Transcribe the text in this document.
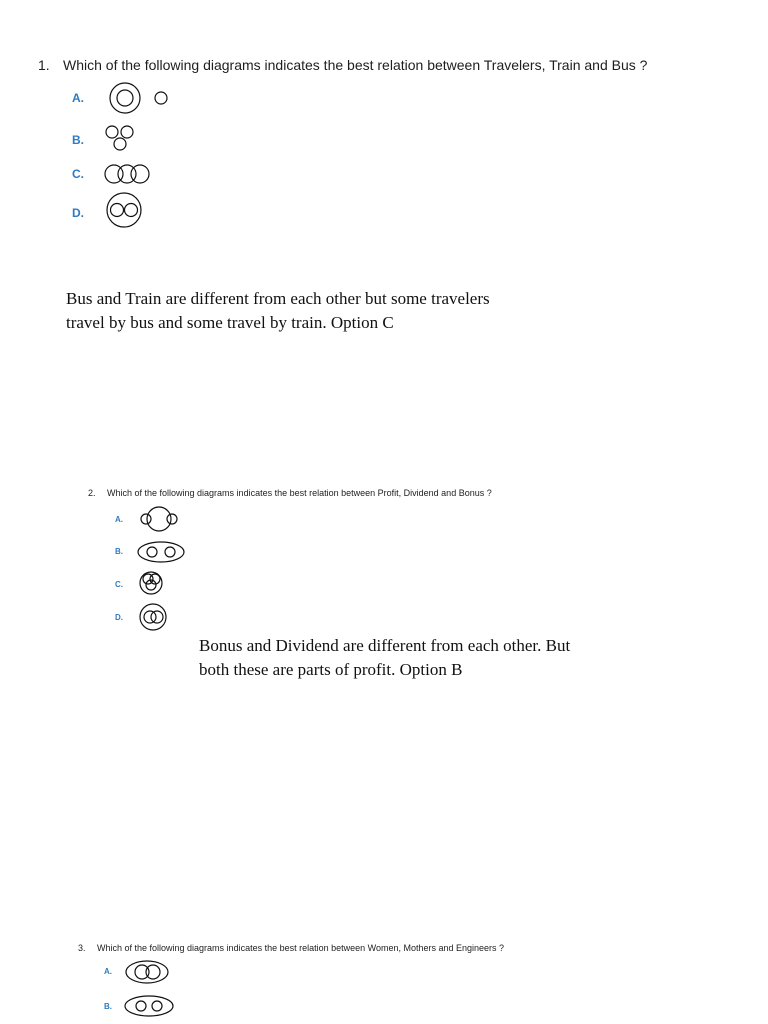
1. Which of the following diagrams indicates the best relation between Travelers, Train and Bus ?
A.
B.
C.
D.
Bus and Train are different from each other but some travelers travel by bus and some travel by train. Option C
2. Which of the following diagrams indicates the best relation between Profit, Dividend and Bonus ?
A.
B.
C.
D.
Bonus and Dividend are different from each other. But both these are parts of profit. Option B
3. Which of the following diagrams indicates the best relation between Women, Mothers and Engineers ?
A.
B.
